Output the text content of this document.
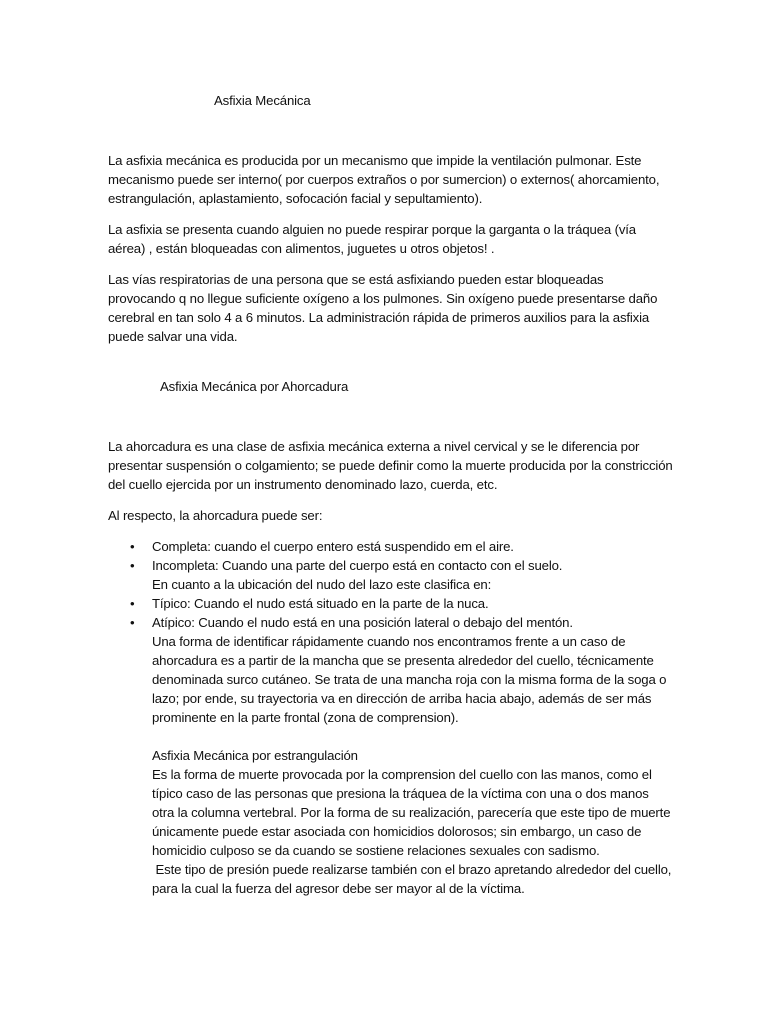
Asfixia Mecánica

La asfixia mecánica es producida por un mecanismo que impide la ventilación pulmonar. Este mecanismo puede ser interno( por cuerpos extraños o por sumercion) o externos( ahorcamiento, estrangulación, aplastamiento, sofocación facial y sepultamiento).

La asfixia se presenta cuando alguien no puede respirar porque la garganta o la tráquea (vía aérea) , están bloqueadas con alimentos, juguetes u otros objetos! .

Las vías respiratorias de una persona que se está asfixiando pueden estar bloqueadas provocando q no llegue suficiente oxígeno a los pulmones. Sin oxígeno puede presentarse daño cerebral en tan solo 4 a 6 minutos. La administración rápida de primeros auxilios para la asfixia puede salvar una vida.

Asfixia Mecánica por Ahorcadura

La ahorcadura es una clase de asfixia mecánica externa a nivel cervical y se le diferencia por presentar suspensión o colgamiento; se puede definir como la muerte producida por la constricción del cuello ejercida por un instrumento denominado lazo, cuerda, etc.

Al respecto, la ahorcadura puede ser:

• Completa: cuando el cuerpo entero está suspendido em el aire.
• Incompleta: Cuando una parte del cuerpo está en contacto con el suelo.
En cuanto a la ubicación del nudo del lazo este clasifica en:
• Típico: Cuando el nudo está situado en la parte de la nuca.
• Atípico: Cuando el nudo está en una posición lateral o debajo del mentón.

Una forma de identificar rápidamente cuando nos encontramos frente a un caso de ahorcadura es a partir de la mancha que se presenta alrededor del cuello, técnicamente denominada surco cutáneo. Se trata de una mancha roja con la misma forma de la soga o lazo; por ende, su trayectoria va en dirección de arriba hacia abajo, además de ser más prominente en la parte frontal (zona de comprension).

Asfixia Mecánica por estrangulación

Es la forma de muerte provocada por la comprension del cuello con las manos, como el típico caso de las personas que presiona la tráquea de la víctima con una o dos manos otra la columna vertebral. Por la forma de su realización, parecería que este tipo de muerte únicamente puede estar asociada con homicidios dolorosos; sin embargo, un caso de homicidio culposo se da cuando se sostiene relaciones sexuales con sadismo.

Este tipo de presión puede realizarse también con el brazo apretando alrededor del cuello, para la cual la fuerza del agresor debe ser mayor al de la víctima.
